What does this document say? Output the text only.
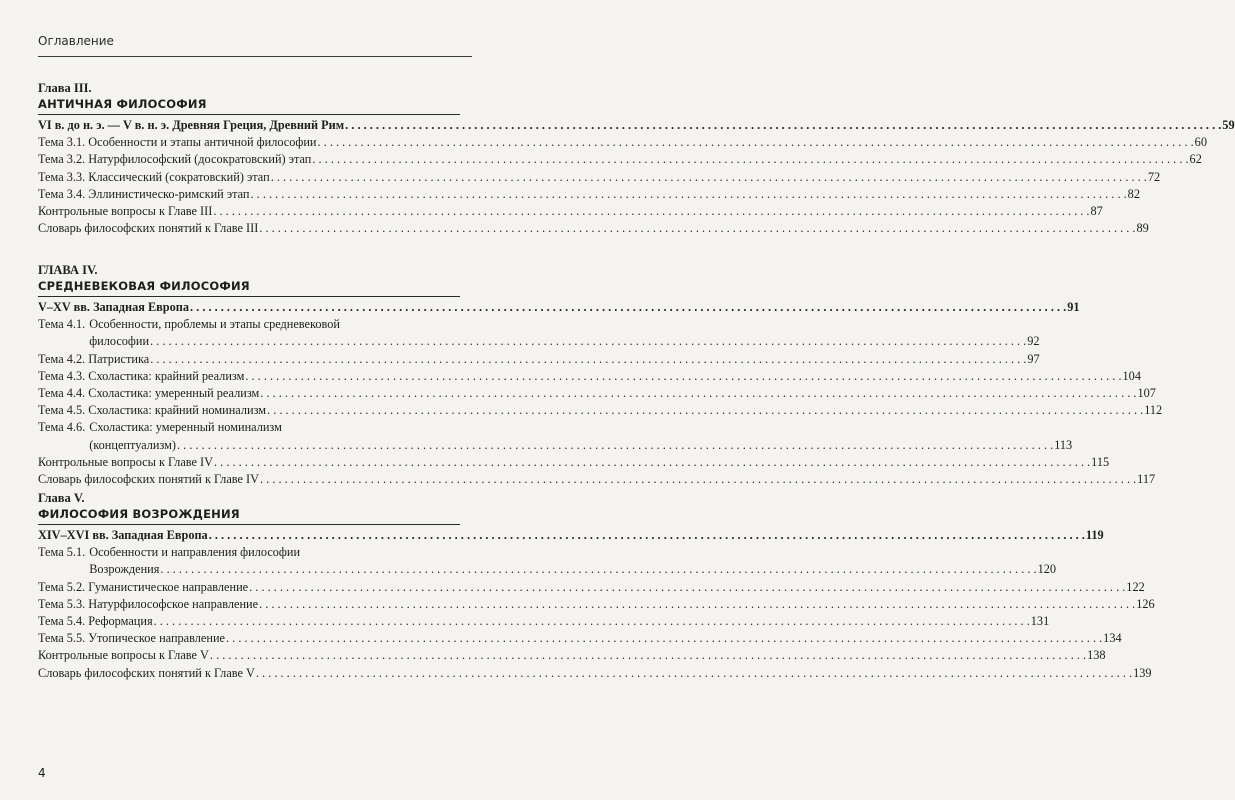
Оглавление
Глава III.
АНТИЧНАЯ ФИЛОСОФИЯ
VI в. до н. э. — V в. н. э. Древняя Греция, Древний Рим . . .	59
Тема 3.1. Особенности и этапы античной философии . . .	60
Тема 3.2. Натурфилософский (досократовский) этап . . .	62
Тема 3.3. Классический (сократовский) этап . . .	72
Тема 3.4. Эллинистическо-римский этап . . .	82
Контрольные вопросы к Главе III . . .	87
Словарь философских понятий к Главе III . . .	89
ГЛАВА IV.
СРЕДНЕВЕКОВАЯ ФИЛОСОФИЯ
V–XV вв. Западная Европа . . .	91
Тема 4.1. Особенности, проблемы и этапы средневековой
философии . . .	92
Тема 4.2. Патристика . . .	97
Тема 4.3. Схоластика: крайний реализм . . .	104
Тема 4.4. Схоластика: умеренный реализм . . .	107
Тема 4.5. Схоластика: крайний номинализм . . .	112
Тема 4.6. Схоластика: умеренный номинализм
(концептуализм) . . .	113
Контрольные вопросы к Главе IV . . .	115
Словарь философских понятий к Главе IV . . .	117
Глава V.
ФИЛОСОФИЯ ВОЗРОЖДЕНИЯ
XIV–XVI вв. Западная Европа . . .	119
Тема 5.1. Особенности и направления философии
Возрождения . . .	120
Тема 5.2. Гуманистическое направление . . .	122
Тема 5.3. Натурфилософское направление . . .	126
Тема 5.4. Реформация . . .	131
Тема 5.5. Утопическое направление . . .	134
Контрольные вопросы к Главе V . . .	138
Словарь философских понятий к Главе V . . .	139
4
